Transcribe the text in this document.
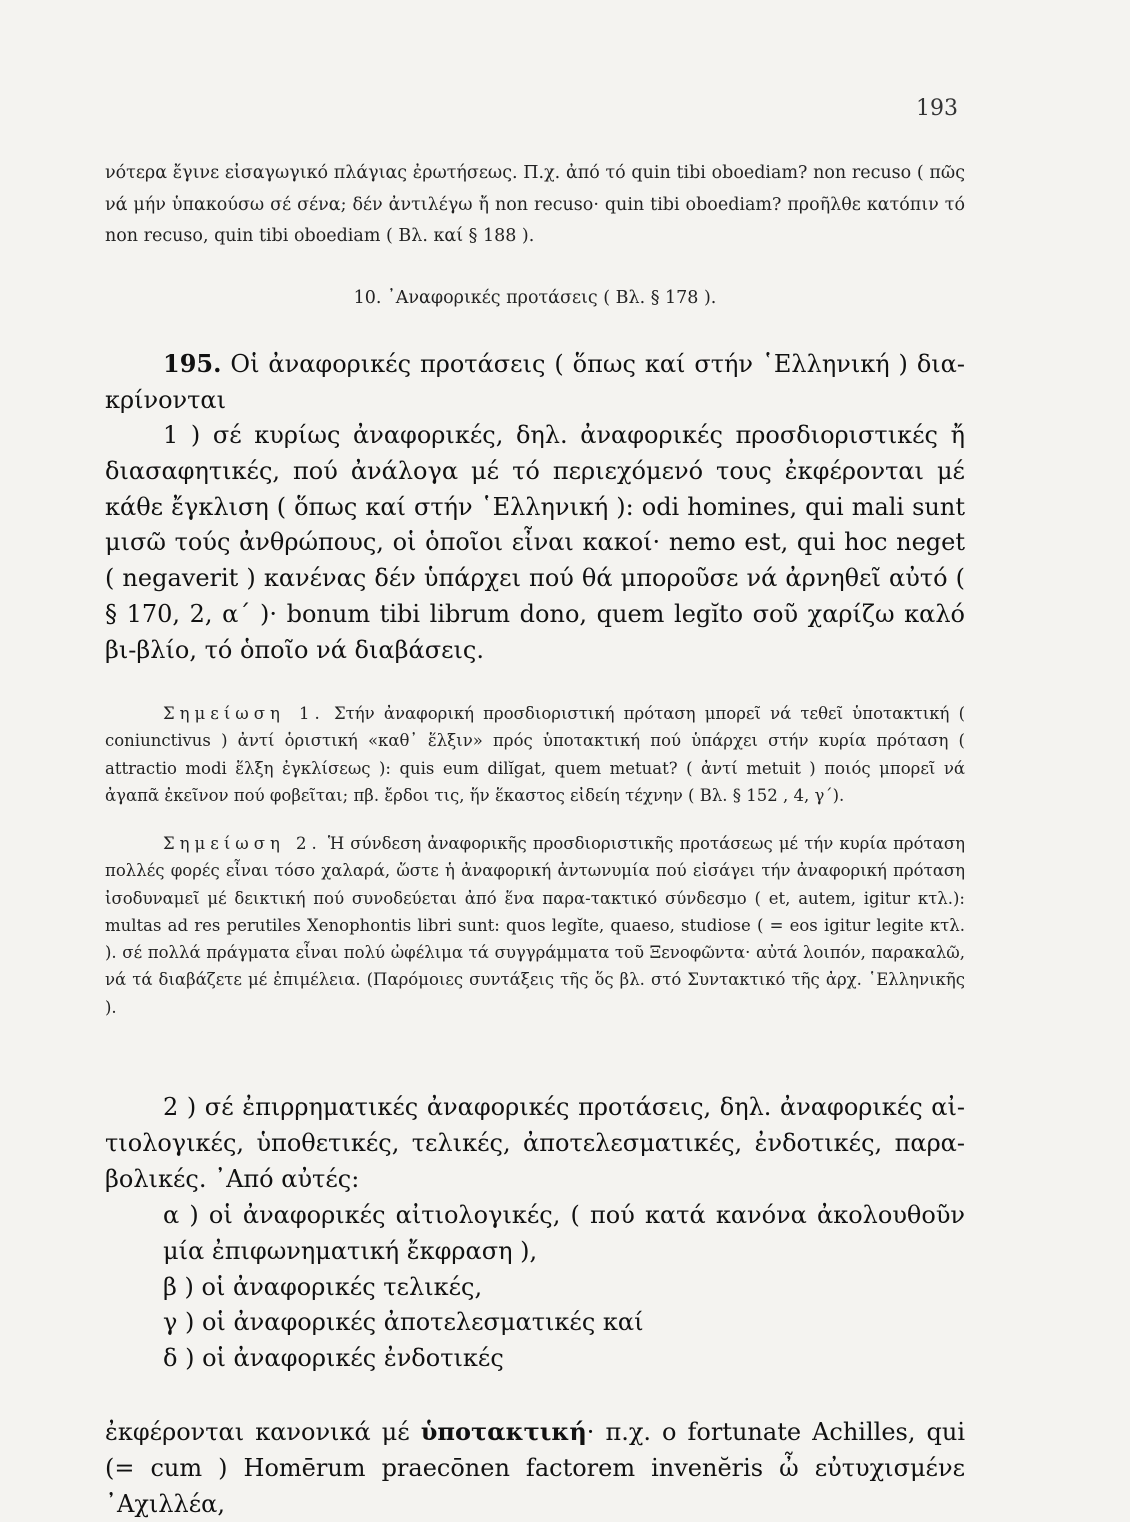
193
νότερα ἔγινε εἰσαγωγικό πλάγιας ἐρωτήσεως. Π.χ. ἀπό τό quin tibi oboediam? non recuso ( πῶς νά μήν ὑπακούσω σέ σένα; δέν ἀντιλέγω ἤ non recuso· quin tibi oboediam? προῆλθε κατόπιν τό non recuso, quin tibi oboediam ( Βλ. καί § 188 ).
10. ᾿Αναφορικές προτάσεις ( Βλ. § 178 ).
195. Οἱ ἀναφορικές προτάσεις ( ὅπως καί στήν ῾Ελληνική ) δια-κρίνονται
1 ) σέ κυρίως ἀναφορικές, δηλ. ἀναφορικές προσδιοριστικές ἤ διασαφητικές, πού ἀνάλογα μέ τό περιεχόμενό τους ἐκφέρονται μέ κάθε ἔγκλιση ( ὅπως καί στήν ῾Ελληνική ): odi homines, qui mali sunt μισῶ τούς ἀνθρώπους, οἱ ὁποῖοι εἶναι κακοί· nemo est, qui hoc neget ( negaverit ) κανένας δέν ὑπάρχει πού θά μποροῦσε νά ἀρνηθεῖ αὐτό ( § 170, 2, α΄ )· bonum tibi librum dono, quem legĭto σοῦ χαρίζω καλό βι-βλίο, τό ὁποῖο νά διαβάσεις.
Σημείωση 1. Στήν ἀναφορική προσδιοριστική πρόταση μπορεῖ νά τεθεῖ ὑποτακτική ( coniunctivus ) ἀντί ὁριστική «καθ᾽ ἕλξιν» πρός ὑποτακτική πού ὑπάρχει στήν κυρία πρόταση ( attractio modi ἕλξη ἐγκλίσεως ): quis eum dilĭgat, quem metuat? ( ἀντί metuit ) ποιός μπορεῖ νά ἀγαπᾶ ἐκεῖνον πού φοβεῖται; πβ. ἔρδοι τις, ἥν ἕκαστος εἰδείη τέχνην ( Βλ. § 152 , 4, γ΄).
Σημείωση 2. Ἡ σύνδεση ἀναφορικῆς προσδιοριστικῆς προτάσεως μέ τήν κυρία πρόταση πολλές φορές εἶναι τόσο χαλαρά, ὥστε ἡ ἀναφορική ἀντωνυμία πού εἰσάγει τήν ἀναφορική πρόταση ἰσοδυναμεῖ μέ δεικτική πού συνοδεύεται ἀπό ἕνα παρα-τακτικό σύνδεσμο ( et, autem, igitur κτλ.): multas ad res perutiles Xenophontis libri sunt: quos legĭte, quaeso, studiose ( = eos igitur legite κτλ. ). σέ πολλά πράγματα εἶναι πολύ ὠφέλιμα τά συγγράμματα τοῦ Ξενοφῶντα· αὐτά λοιπόν, παρακαλῶ, νά τά διαβάζετε μέ ἐπιμέλεια. (Παρόμοιες συντάξεις τῆς ὅς βλ. στό Συντακτικό τῆς ἀρχ. ῾Ελληνικῆς ).
2 ) σέ ἐπιρρηματικές ἀναφορικές προτάσεις, δηλ. ἀναφορικές αἰ-τιολογικές, ὑποθετικές, τελικές, ἀποτελεσματικές, ἐνδοτικές, παρα-βολικές. ᾿Από αὐτές:
α ) οἱ ἀναφορικές αἰτιολογικές, ( πού κατά κανόνα ἀκολουθοῦν μία ἐπιφωνηματική ἔκφραση ),
β ) οἱ ἀναφορικές τελικές,
γ ) οἱ ἀναφορικές ἀποτελεσματικές καί
δ ) οἱ ἀναφορικές ἐνδοτικές
ἐκφέρονται κανονικά μέ ὑποτακτική· π.χ. o fortunate Achilles, qui (= cum ) Homērum praecōnen factorem invenĕris ὦ εὐτυχισμένε ᾿Αχιλλέα,
